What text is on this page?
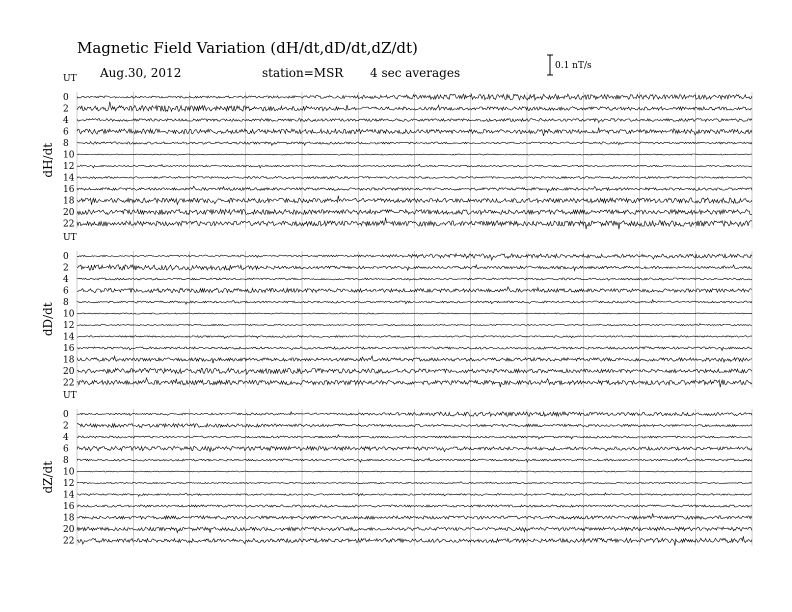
Magnetic Field Variation (dH/dt,dD/dt,dZ/dt)
Aug.30, 2012	station=MSR 4 sec averages	0.1 nT/s
UT
dH/dt
0
2
4
6
8
10
12
14
16
18
20
22
UT
dD/dt
0
2
4
6
8
10
12
14
16
18
20
22
UT
dZ/dt
0
2
4
6
8
10
12
14
16
18
20
22
